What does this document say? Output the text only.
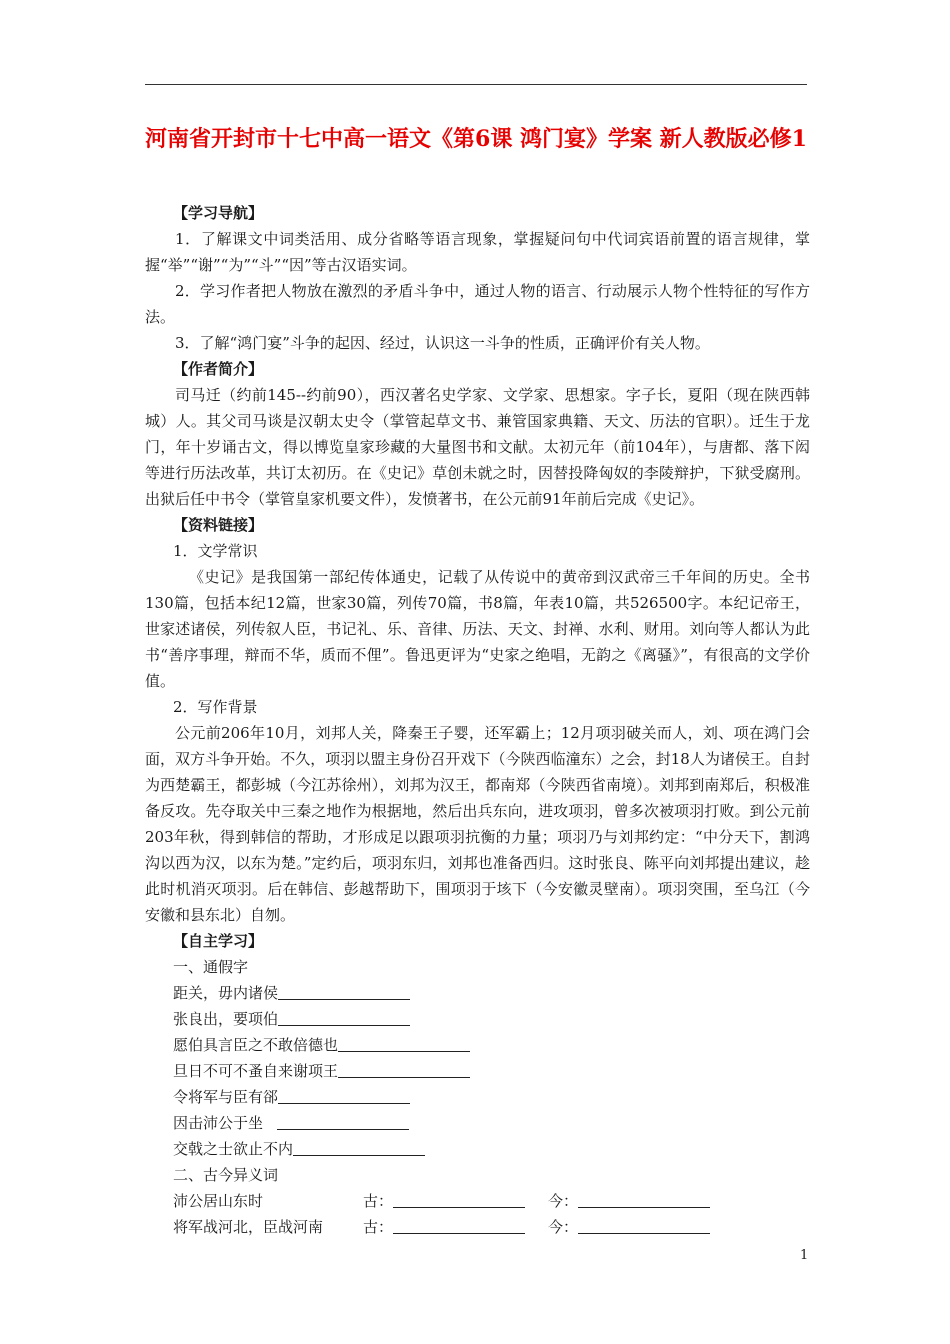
河南省开封市十七中高一语文《第6课 鸿门宴》学案 新人教版必修1

【学习导航】

1．了解课文中词类活用、成分省略等语言现象，掌握疑问句中代词宾语前置的语言规律，掌握“举”“谢”“为”“斗”“因”等古汉语实词。

2．学习作者把人物放在激烈的矛盾斗争中，通过人物的语言、行动展示人物个性特征的写作方法。

3．了解“鸿门宴”斗争的起因、经过，认识这一斗争的性质，正确评价有关人物。

【作者简介】

司马迁（约前145--约前90），西汉著名史学家、文学家、思想家。字子长，夏阳（现在陕西韩城）人。其父司马谈是汉朝太史令（掌管起草文书、兼管国家典籍、天文、历法的官职）。迁生于龙门，年十岁诵古文，得以博览皇家珍藏的大量图书和文献。太初元年（前104年），与唐都、落下闳等进行历法改革，共订太初历。在《史记》草创未就之时，因替投降匈奴的李陵辩护，下狱受腐刑。出狱后任中书令（掌管皇家机要文件），发愤著书，在公元前91年前后完成《史记》。

【资料链接】

1．文学常识

《史记》是我国第一部纪传体通史，记载了从传说中的黄帝到汉武帝三千年间的历史。全书130篇，包括本纪12篇，世家30篇，列传70篇，书8篇，年表10篇，共526500字。本纪记帝王，世家述诸侯，列传叙人臣，书记礼、乐、音律、历法、天文、封禅、水利、财用。刘向等人都认为此书“善序事理，辩而不华，质而不俚”。鲁迅更评为“史家之绝唱，无韵之《离骚》”，有很高的文学价值。

2．写作背景

公元前206年10月，刘邦人关，降秦王子婴，还军霸上；12月项羽破关而人，刘、项在鸿门会面，双方斗争开始。不久，项羽以盟主身份召开戏下（今陕西临潼东）之会，封18人为诸侯王。自封为西楚霸王，都彭城（今江苏徐州），刘邦为汉王，都南郑（今陕西省南境）。刘邦到南郑后，积极准备反攻。先夺取关中三秦之地作为根据地，然后出兵东向，进攻项羽，曾多次被项羽打败。到公元前203年秋，得到韩信的帮助，才形成足以跟项羽抗衡的力量；项羽乃与刘邦约定：“中分天下，割鸿沟以西为汉，以东为楚。”定约后，项羽东归，刘邦也准备西归。这时张良、陈平向刘邦提出建议，趁此时机消灭项羽。后在韩信、彭越帮助下，围项羽于垓下（今安徽灵壁南）。项羽突围，至乌江（今安徽和县东北）自刎。

【自主学习】

一、通假字

距关，毋内诸侯

张良出，要项伯

愿伯具言臣之不敢倍德也

旦日不可不蚤自来谢项王

令将军与臣有郤

因击沛公于坐

交戟之士欲止不内

二、古今异义词

沛公居山东时	古：	今：
将军战河北，臣战河南	古：	今：
1
